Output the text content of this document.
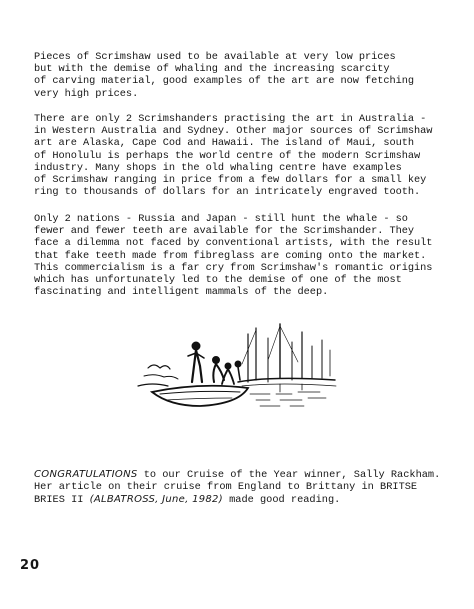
Pieces of Scrimshaw used to be available at very low prices
but with the demise of whaling and the increasing scarcity
of carving material, good examples of the art are now fetching
very high prices.
There are only 2 Scrimshanders practising the art in Australia -
in Western Australia and Sydney. Other major sources of Scrimshaw
art are Alaska, Cape Cod and Hawaii. The island of Maui, south
of Honolulu is perhaps the world centre of the modern Scrimshaw
industry. Many shops in the old whaling centre have examples
of Scrimshaw ranging in price from a few dollars for a small key
ring to thousands of dollars for an intricately engraved tooth.
Only 2 nations - Russia and Japan - still hunt the whale - so
fewer and fewer teeth are available for the Scrimshander. They
face a dilemma not faced by conventional artists, with the result
that fake teeth made from fibreglass are coming onto the market.
This commercialism is a far cry from Scrimshaw's romantic origins
which has unfortunately led to the demise of one of the most
fascinating and intelligent mammals of the deep.
CONGRATULATIONS to our Cruise of the Year winner, Sally Rackham.
Her article on their cruise from England to Brittany in BRITSE
BRIES II (ALBATROSS, June, 1982) made good reading.
20
